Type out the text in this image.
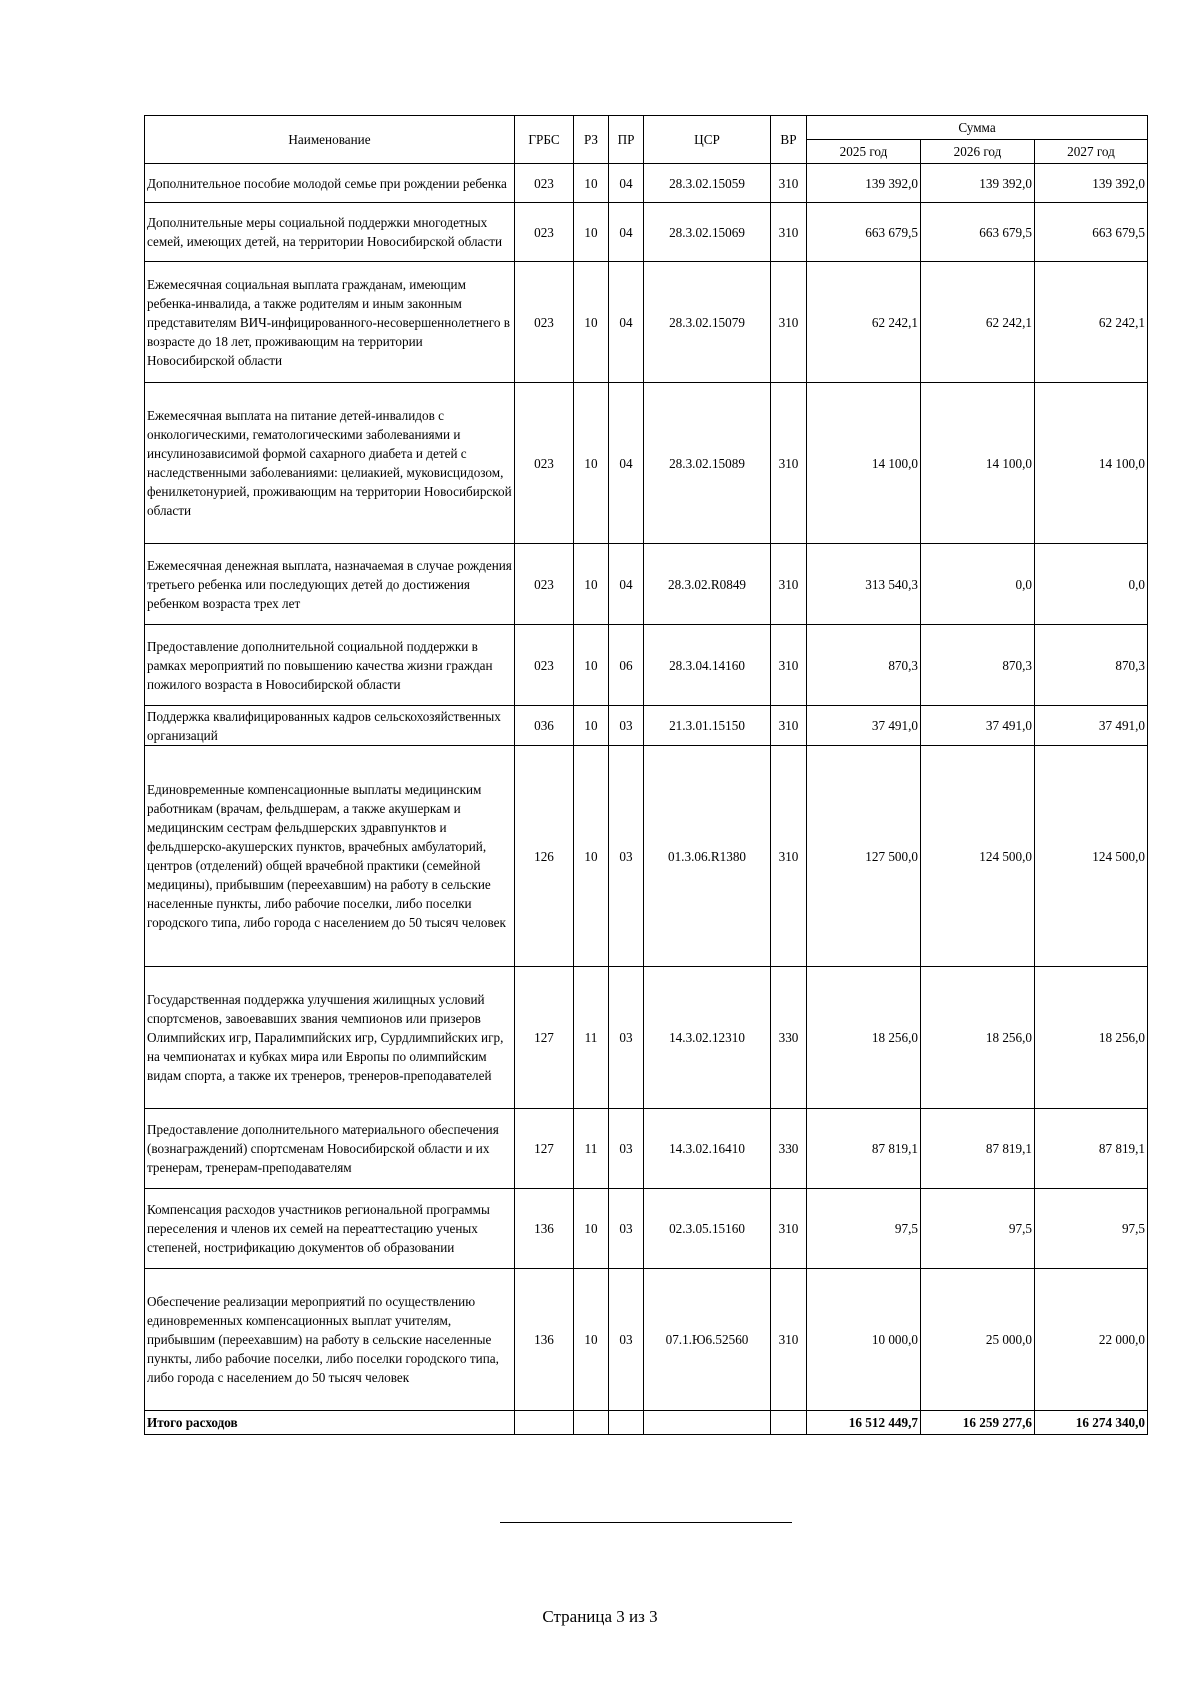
Наименование	ГРБС	РЗ	ПР	ЦСР	ВР	Сумма		
						2025 год	2026 год	2027 год
Дополнительное пособие молодой семье при рождении ребенка	023	10	04	28.3.02.15059	310	139 392,0	139 392,0	139 392,0
Дополнительные меры социальной поддержки многодетных семей, имеющих детей, на территории Новосибирской области	023	10	04	28.3.02.15069	310	663 679,5	663 679,5	663 679,5
Ежемесячная социальная выплата гражданам, имеющим ребенка-инвалида, а также родителям и иным законным представителям ВИЧ-инфицированного-несовершеннолетнего в возрасте до 18 лет, проживающим на территории Новосибирской области	023	10	04	28.3.02.15079	310	62 242,1	62 242,1	62 242,1
Ежемесячная выплата на питание детей-инвалидов с онкологическими, гематологическими заболеваниями и инсулинозависимой формой сахарного диабета и детей с наследственными заболеваниями: целиакией, муковисцидозом, фенилкетонурией, проживающим на территории Новосибирской области	023	10	04	28.3.02.15089	310	14 100,0	14 100,0	14 100,0
Ежемесячная денежная выплата, назначаемая в случае рождения третьего ребенка или последующих детей до достижения ребенком возраста трех лет	023	10	04	28.3.02.R0849	310	313 540,3	0,0	0,0
Предоставление дополнительной социальной поддержки в рамках мероприятий по повышению качества жизни граждан пожилого возраста в Новосибирской области	023	10	06	28.3.04.14160	310	870,3	870,3	870,3
Поддержка квалифицированных кадров сельскохозяйственных организаций	036	10	03	21.3.01.15150	310	37 491,0	37 491,0	37 491,0
Единовременные компенсационные выплаты медицинским работникам (врачам, фельдшерам, а также акушеркам и медицинским сестрам фельдшерских здравпунктов и фельдшерско-акушерских пунктов, врачебных амбулаторий, центров (отделений) общей врачебной практики (семейной медицины), прибывшим (переехавшим) на работу в сельские населенные пункты, либо рабочие поселки, либо поселки городского типа, либо города с населением до 50 тысяч человек	126	10	03	01.3.06.R1380	310	127 500,0	124 500,0	124 500,0
Государственная поддержка улучшения жилищных условий спортсменов, завоевавших звания чемпионов или призеров Олимпийских игр, Паралимпийских игр, Сурдлимпийских игр, на чемпионатах и кубках мира или Европы по олимпийским видам спорта, а также их тренеров, тренеров-преподавателей	127	11	03	14.3.02.12310	330	18 256,0	18 256,0	18 256,0
Предоставление дополнительного материального обеспечения (вознаграждений) спортсменам Новосибирской области и их тренерам, тренерам-преподавателям	127	11	03	14.3.02.16410	330	87 819,1	87 819,1	87 819,1
Компенсация расходов участников региональной программы переселения и членов их семей на переаттестацию ученых степеней, нострификацию документов об образовании	136	10	03	02.3.05.15160	310	97,5	97,5	97,5
Обеспечение реализации мероприятий по осуществлению единовременных компенсационных выплат учителям, прибывшим (переехавшим) на работу в сельские населенные пункты, либо рабочие поселки, либо поселки городского типа, либо города с населением до 50 тысяч человек	136	10	03	07.1.Ю6.52560	310	10 000,0	25 000,0	22 000,0
Итого расходов						16 512 449,7	16 259 277,6	16 274 340,0
Страница 3 из 3
